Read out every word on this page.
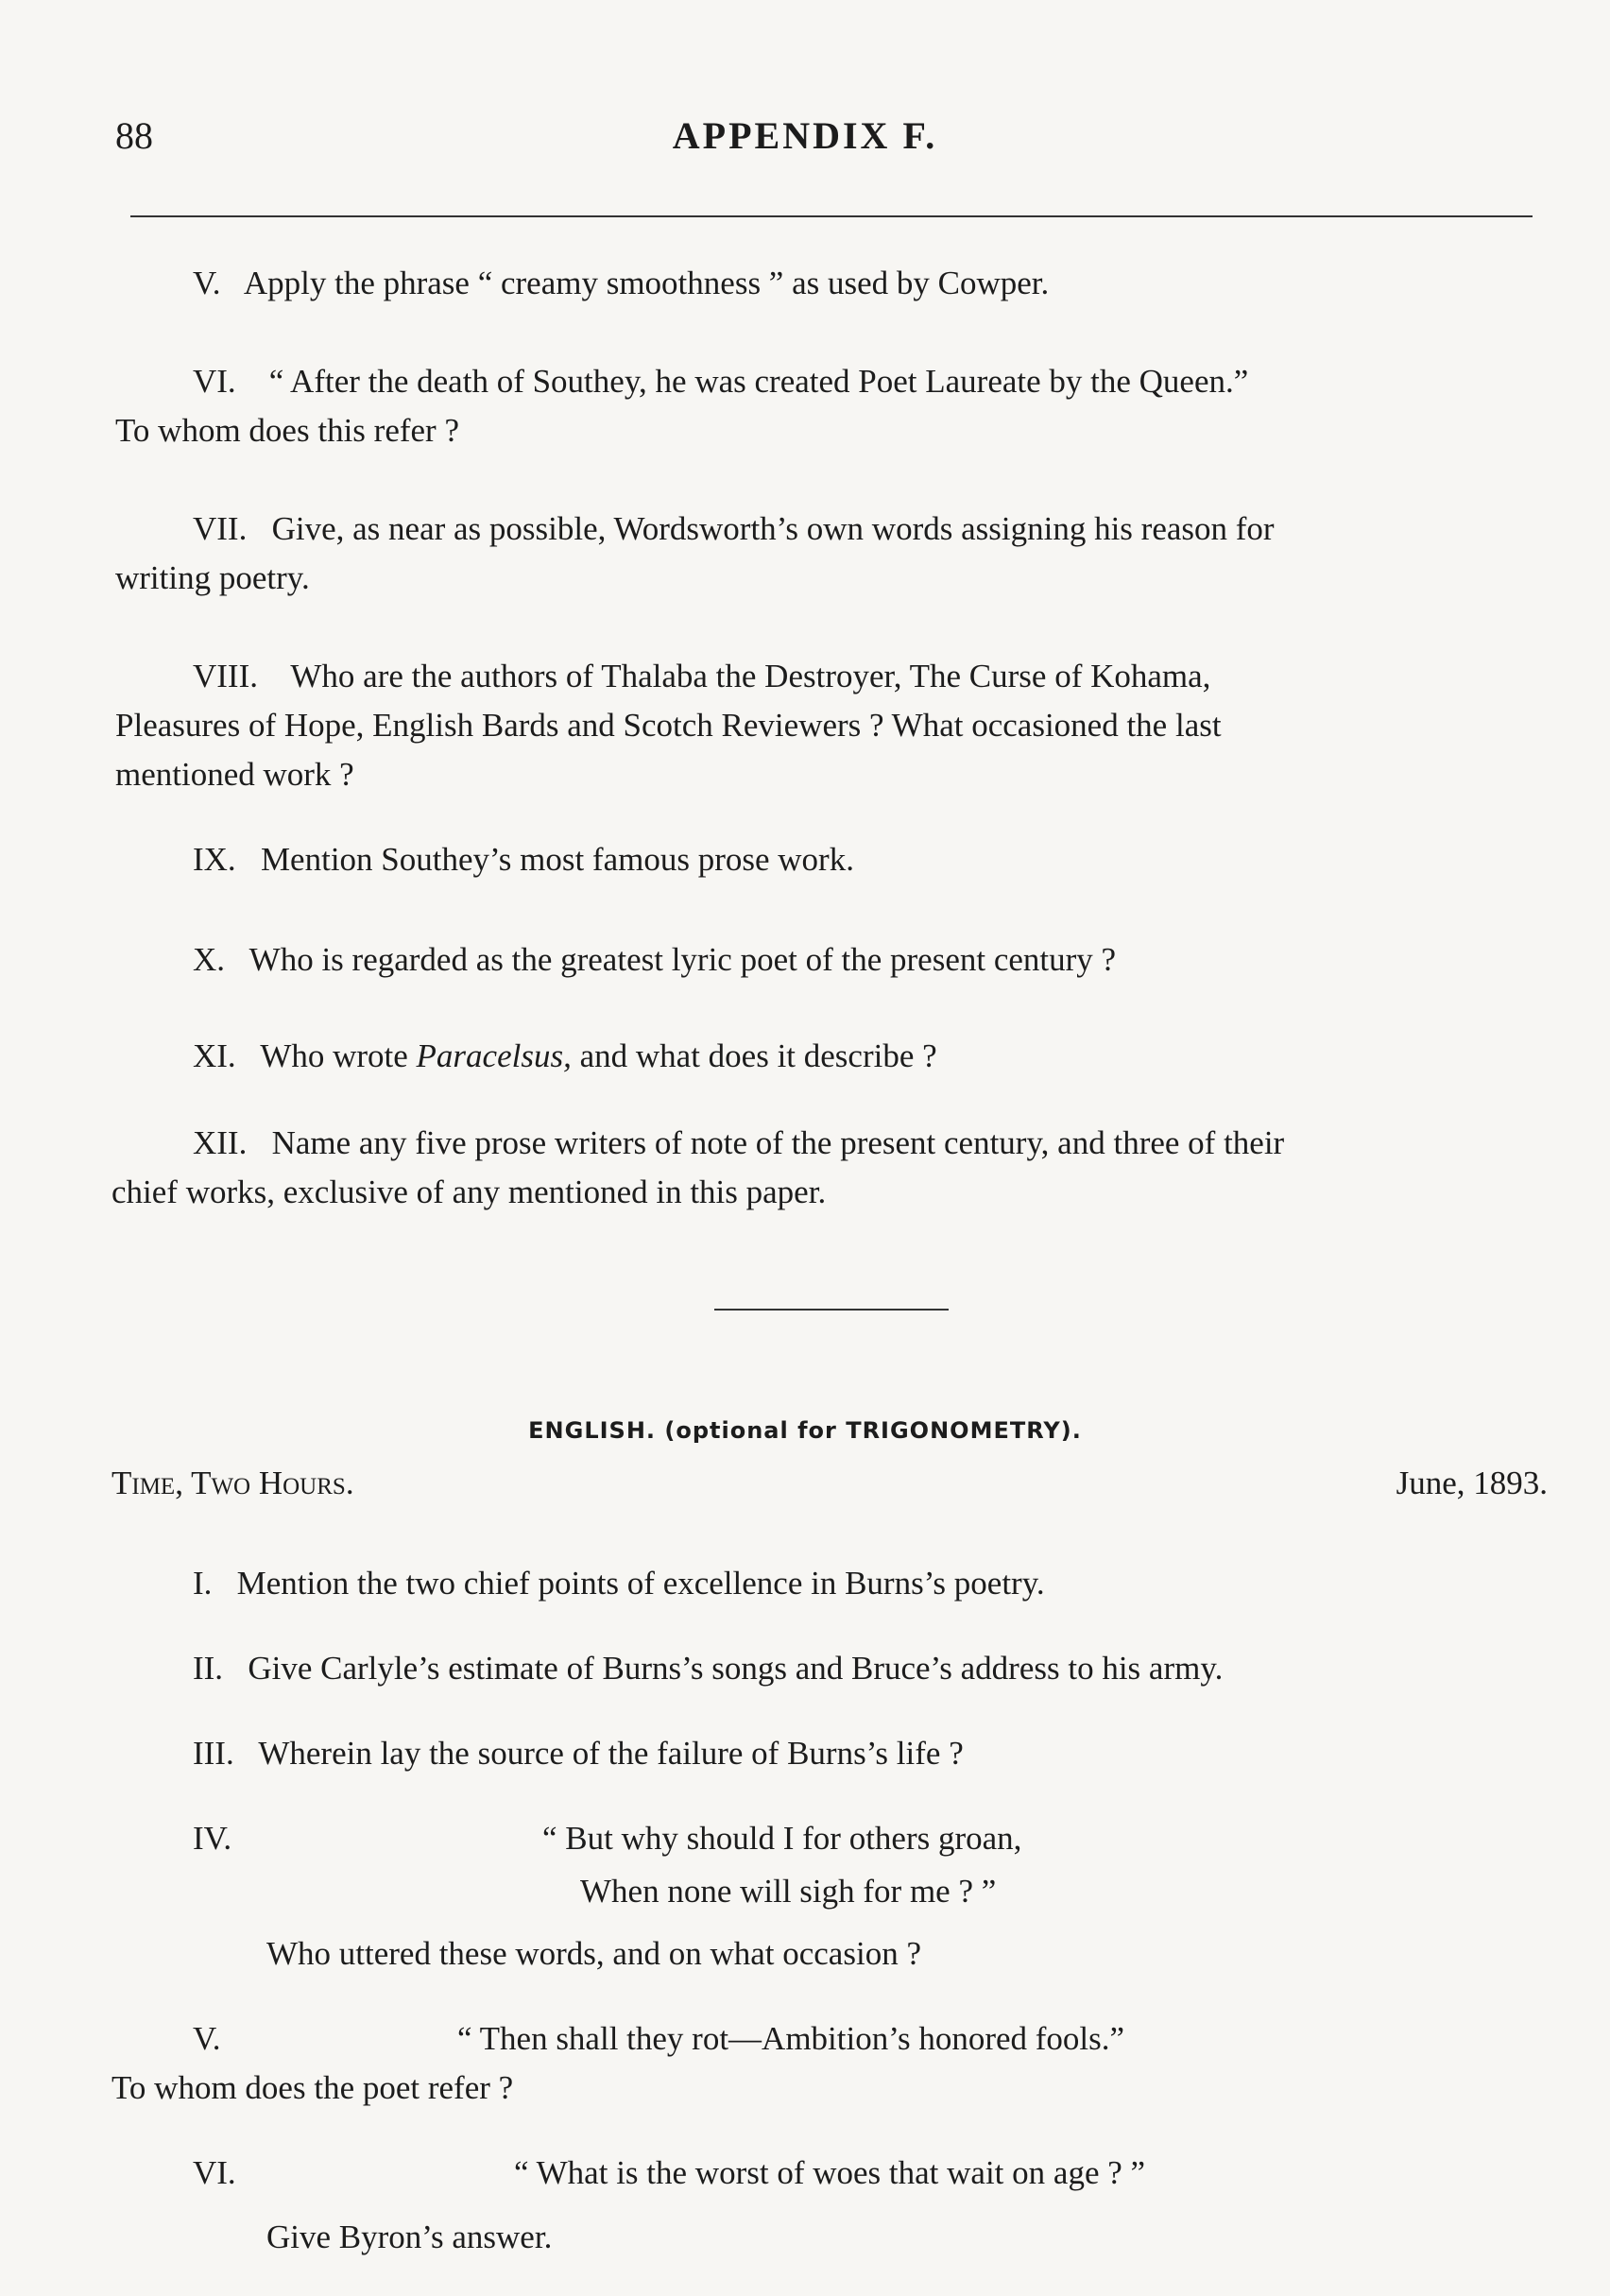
88	APPENDIX F.
V. Apply the phrase “ creamy smoothness ” as used by Cowper.
VI. “ After the death of Southey, he was created Poet Laureate by the Queen.”
To whom does this refer ?
VII. Give, as near as possible, Wordsworth’s own words assigning his reason for
writing poetry.
VIII. Who are the authors of Thalaba the Destroyer, The Curse of Kohama,
Pleasures of Hope, English Bards and Scotch Reviewers ? What occasioned the last
mentioned work ?
IX. Mention Southey’s most famous prose work.
X. Who is regarded as the greatest lyric poet of the present century ?
XI. Who wrote Paracelsus, and what does it describe ?
XII. Name any five prose writers of note of the present century, and three of their
chief works, exclusive of any mentioned in this paper.
ENGLISH. (optional for TRIGONOMETRY).
Time, Two Hours.	June, 1893.
I. Mention the two chief points of excellence in Burns’s poetry.
II. Give Carlyle’s estimate of Burns’s songs and Bruce’s address to his army.
III. Wherein lay the source of the failure of Burns’s life ?
IV.	“ But why should I for others groan,
When none will sigh for me ? ”
Who uttered these words, and on what occasion ?
V.	“ Then shall they rot—Ambition’s honored fools.”
To whom does the poet refer ?
VI.	“ What is the worst of woes that wait on age ? ”
Give Byron’s answer.
